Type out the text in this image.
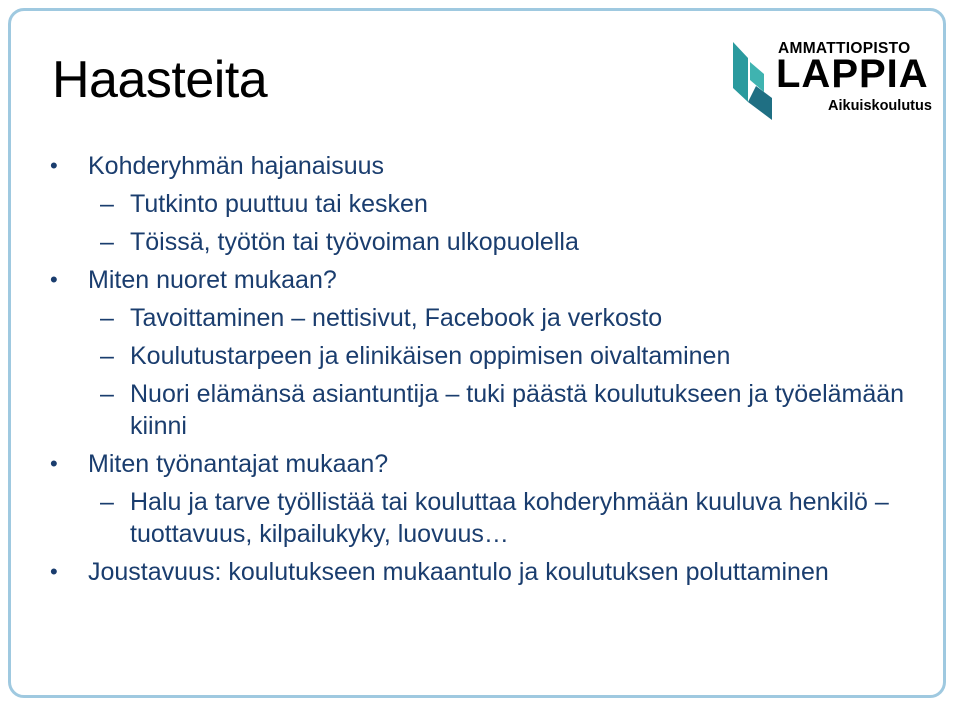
Haasteita
AMMATTIOPISTO
LAPPIA
Aikuiskoulutus
• Kohderyhmän hajanaisuus
– Tutkinto puuttuu tai kesken
– Töissä, työtön tai työvoiman ulkopuolella
• Miten nuoret mukaan?
– Tavoittaminen – nettisivut, Facebook ja verkosto
– Koulutustarpeen ja elinikäisen oppimisen oivaltaminen
– Nuori elämänsä asiantuntija – tuki päästä koulutukseen ja työelämään kiinni
• Miten työnantajat mukaan?
– Halu ja tarve työllistää tai kouluttaa kohderyhmään kuuluva henkilö – tuottavuus, kilpailukyky, luovuus…
• Joustavuus: koulutukseen mukaantulo ja koulutuksen poluttaminen
